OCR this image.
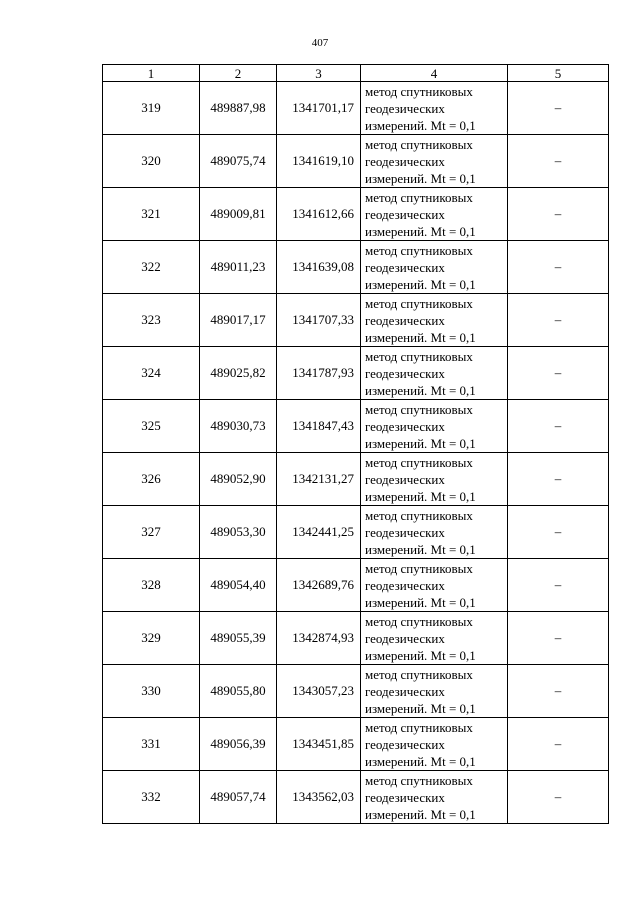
407
1	2	3	4	5
319	489887,98	1341701,17	метод спутниковых
геодезических
измерений. Mt = 0,1	–
320	489075,74	1341619,10	метод спутниковых
геодезических
измерений. Mt = 0,1	–
321	489009,81	1341612,66	метод спутниковых
геодезических
измерений. Mt = 0,1	–
322	489011,23	1341639,08	метод спутниковых
геодезических
измерений. Mt = 0,1	–
323	489017,17	1341707,33	метод спутниковых
геодезических
измерений. Mt = 0,1	–
324	489025,82	1341787,93	метод спутниковых
геодезических
измерений. Mt = 0,1	–
325	489030,73	1341847,43	метод спутниковых
геодезических
измерений. Mt = 0,1	–
326	489052,90	1342131,27	метод спутниковых
геодезических
измерений. Mt = 0,1	–
327	489053,30	1342441,25	метод спутниковых
геодезических
измерений. Mt = 0,1	–
328	489054,40	1342689,76	метод спутниковых
геодезических
измерений. Mt = 0,1	–
329	489055,39	1342874,93	метод спутниковых
геодезических
измерений. Mt = 0,1	–
330	489055,80	1343057,23	метод спутниковых
геодезических
измерений. Mt = 0,1	–
331	489056,39	1343451,85	метод спутниковых
геодезических
измерений. Mt = 0,1	–
332	489057,74	1343562,03	метод спутниковых
геодезических
измерений. Mt = 0,1	–
